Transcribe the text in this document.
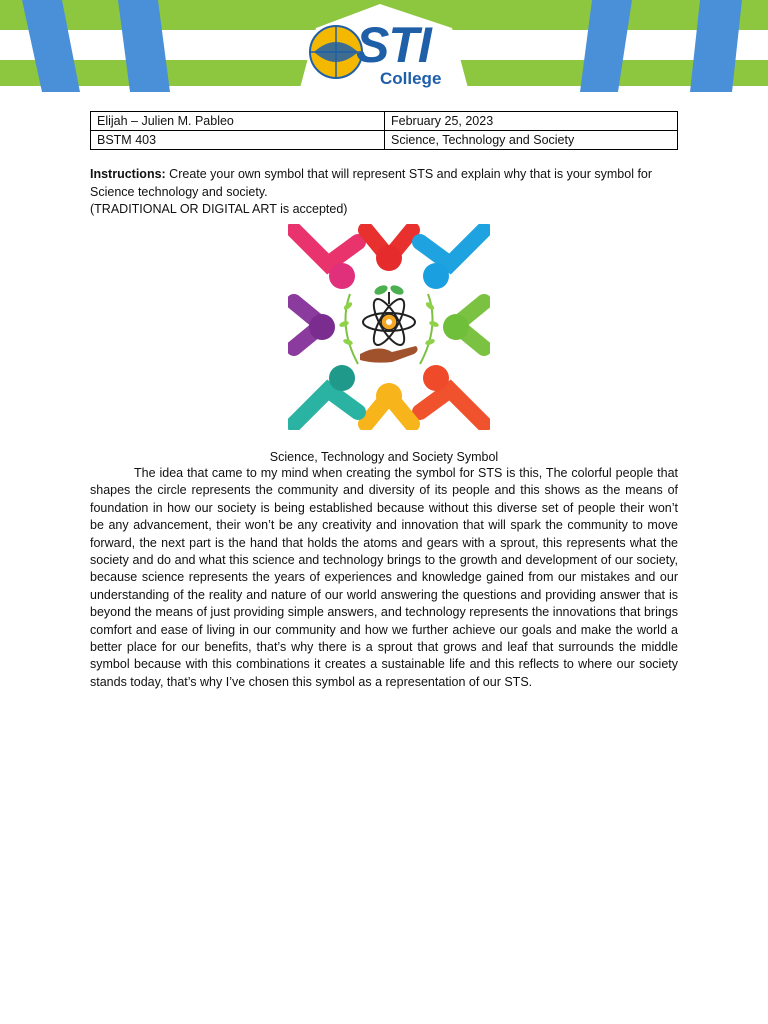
STI
College
Elijah – Julien M. Pableo	February 25, 2023
BSTM 403	Science, Technology and Society
Instructions: Create your own symbol that will represent STS and explain why that is your symbol for Science technology and society.
(TRADITIONAL OR DIGITAL ART is accepted)
Science, Technology and Society Symbol

The idea that came to my mind when creating the symbol for STS is this, The colorful people that shapes the circle represents the community and diversity of its people and this shows as the means of foundation in how our society is being established because without this diverse set of people their won’t be any advancement, their won’t be any creativity and innovation that will spark the community to move forward, the next part is the hand that holds the atoms and gears with a sprout, this represents what the society and do and what this science and technology brings to the growth and development of our society, because science represents the years of experiences and knowledge gained from our mistakes and our understanding of the reality and nature of our world answering the questions and providing answer that is beyond the means of just providing simple answers, and technology represents the innovations that brings comfort and ease of living in our community and how we further achieve our goals and make the world a better place for our benefits, that’s why there is a sprout that grows and leaf that surrounds the middle symbol because with this combinations it creates a sustainable life and this reflects to where our society stands today, that’s why I’ve chosen this symbol as a representation of our STS.
